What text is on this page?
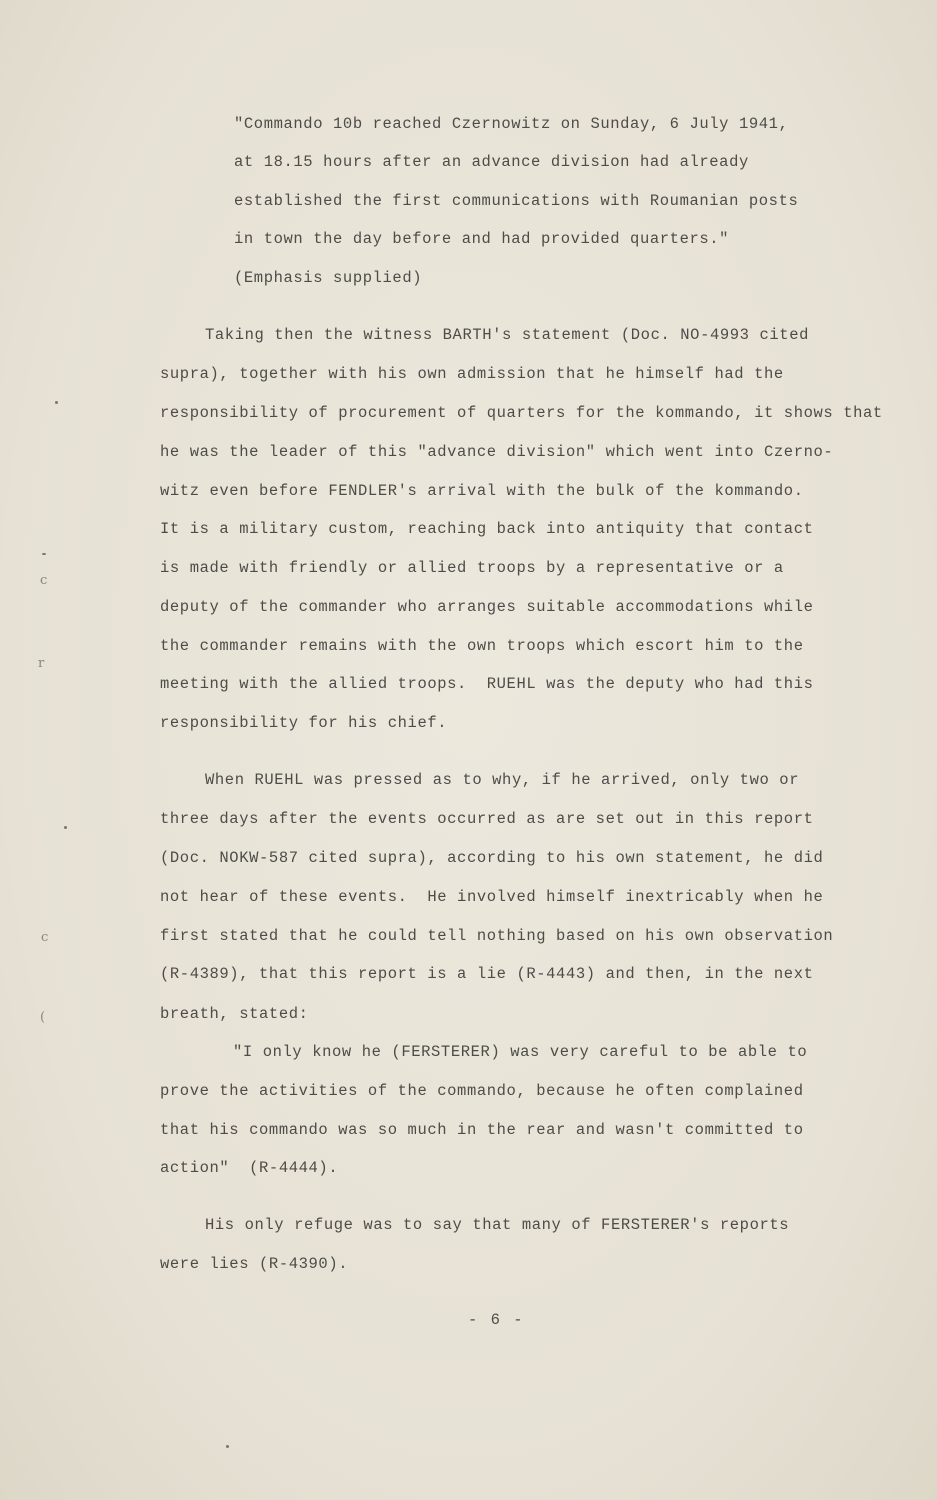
"Commando 10b reached Czernowitz on Sunday, 6 July 1941,
at 18.15 hours after an advance division had already
established the first communications with Roumanian posts
in town the day before and had provided quarters."
(Emphasis supplied)
Taking then the witness BARTH's statement (Doc. NO-4993 cited
supra), together with his own admission that he himself had the
responsibility of procurement of quarters for the kommando, it shows that
he was the leader of this "advance division" which went into Czerno-
witz even before FENDLER's arrival with the bulk of the kommando.
It is a military custom, reaching back into antiquity that contact
is made with friendly or allied troops by a representative or a
deputy of the commander who arranges suitable accommodations while
the commander remains with the own troops which escort him to the
meeting with the allied troops.  RUEHL was the deputy who had this
responsibility for his chief.
When RUEHL was pressed as to why, if he arrived, only two or
three days after the events occurred as are set out in this report
(Doc. NOKW-587 cited supra), according to his own statement, he did
not hear of these events.  He involved himself inextricably when he
first stated that he could tell nothing based on his own observation
(R-4389), that this report is a lie (R-4443) and then, in the next
breath, stated:
"I only know he (FERSTERER) was very careful to be able to
prove the activities of the commando, because he often complained
that his commando was so much in the rear and wasn't committed to
action"  (R-4444).
His only refuge was to say that many of FERSTERER's reports
were lies (R-4390).
- 6 -
c
r
c
(
